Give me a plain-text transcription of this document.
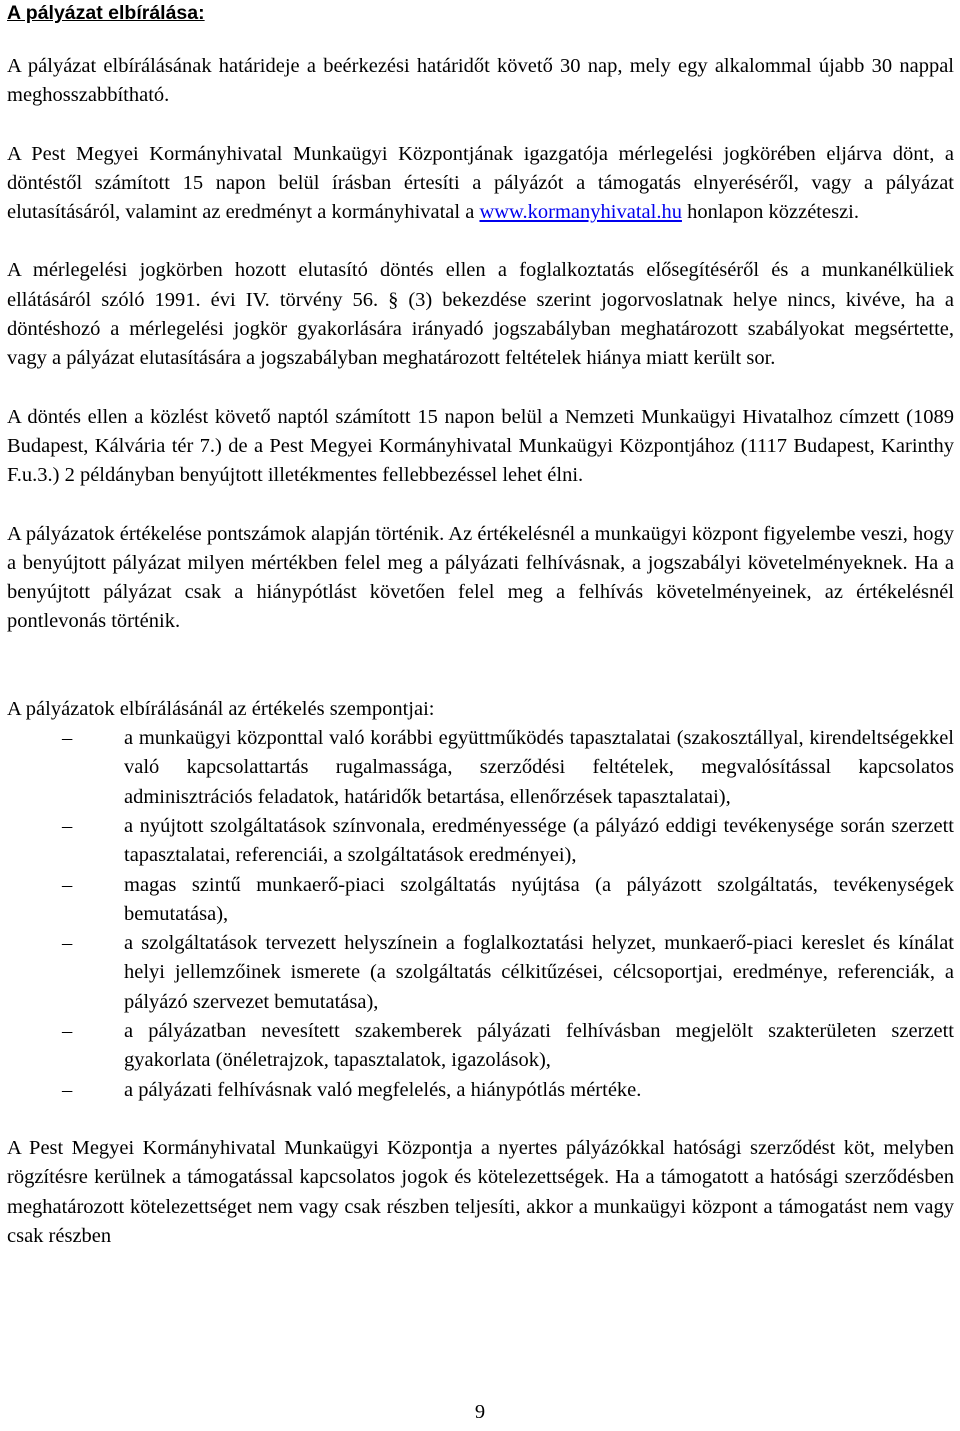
A pályázat elbírálása:

A pályázat elbírálásának határideje a beérkezési határidőt követő 30 nap, mely egy alkalommal újabb 30 nappal meghosszabbítható.

A Pest Megyei Kormányhivatal Munkaügyi Központjának igazgatója mérlegelési jogkörében eljárva dönt, a döntéstől számított 15 napon belül írásban értesíti a pályázót a támogatás elnyeréséről, vagy a pályázat elutasításáról, valamint az eredményt a kormányhivatal a www.kormanyhivatal.hu honlapon közzéteszi.

A mérlegelési jogkörben hozott elutasító döntés ellen a foglalkoztatás elősegítéséről és a munkanélküliek ellátásáról szóló 1991. évi IV. törvény 56. § (3) bekezdése szerint jogorvoslatnak helye nincs, kivéve, ha a döntéshozó a mérlegelési jogkör gyakorlására irányadó jogszabályban meghatározott szabályokat megsértette, vagy a pályázat elutasítására a jogszabályban meghatározott feltételek hiánya miatt került sor.

A döntés ellen a közlést követő naptól számított 15 napon belül a Nemzeti Munkaügyi Hivatalhoz címzett (1089 Budapest, Kálvária tér 7.) de a Pest Megyei Kormányhivatal Munkaügyi Központjához (1117 Budapest, Karinthy F.u.3.) 2 példányban benyújtott illetékmentes fellebbezéssel lehet élni.

A pályázatok értékelése pontszámok alapján történik. Az értékelésnél a munkaügyi központ figyelembe veszi, hogy a benyújtott pályázat milyen mértékben felel meg a pályázati felhívásnak, a jogszabályi követelményeknek. Ha a benyújtott pályázat csak a hiánypótlást követően felel meg a felhívás követelményeinek, az értékelésnél pontlevonás történik.

A pályázatok elbírálásánál az értékelés szempontjai:

–	a munkaügyi központtal való korábbi együttműködés tapasztalatai (szakosztállyal, kirendeltségekkel való kapcsolattartás rugalmassága, szerződési feltételek, megvalósítással kapcsolatos adminisztrációs feladatok, határidők betartása, ellenőrzések tapasztalatai),
–	a nyújtott szolgáltatások színvonala, eredményessége (a pályázó eddigi tevékenysége során szerzett tapasztalatai, referenciái, a szolgáltatások eredményei),
–	magas szintű munkaerő-piaci szolgáltatás nyújtása (a pályázott szolgáltatás, tevékenységek bemutatása),
–	a szolgáltatások tervezett helyszínein a foglalkoztatási helyzet, munkaerő-piaci kereslet és kínálat helyi jellemzőinek ismerete (a szolgáltatás célkitűzései, célcsoportjai, eredménye, referenciák, a pályázó szervezet bemutatása),
–	a pályázatban nevesített szakemberek pályázati felhívásban megjelölt szakterületen szerzett gyakorlata (önéletrajzok, tapasztalatok, igazolások),
–	a pályázati felhívásnak való megfelelés, a hiánypótlás mértéke.

A Pest Megyei Kormányhivatal Munkaügyi Központja a nyertes pályázókkal hatósági szerződést köt, melyben rögzítésre kerülnek a támogatással kapcsolatos jogok és kötelezettségek. Ha a támogatott a hatósági szerződésben meghatározott kötelezettséget nem vagy csak részben teljesíti, akkor a munkaügyi központ a támogatást nem vagy csak részben

9
